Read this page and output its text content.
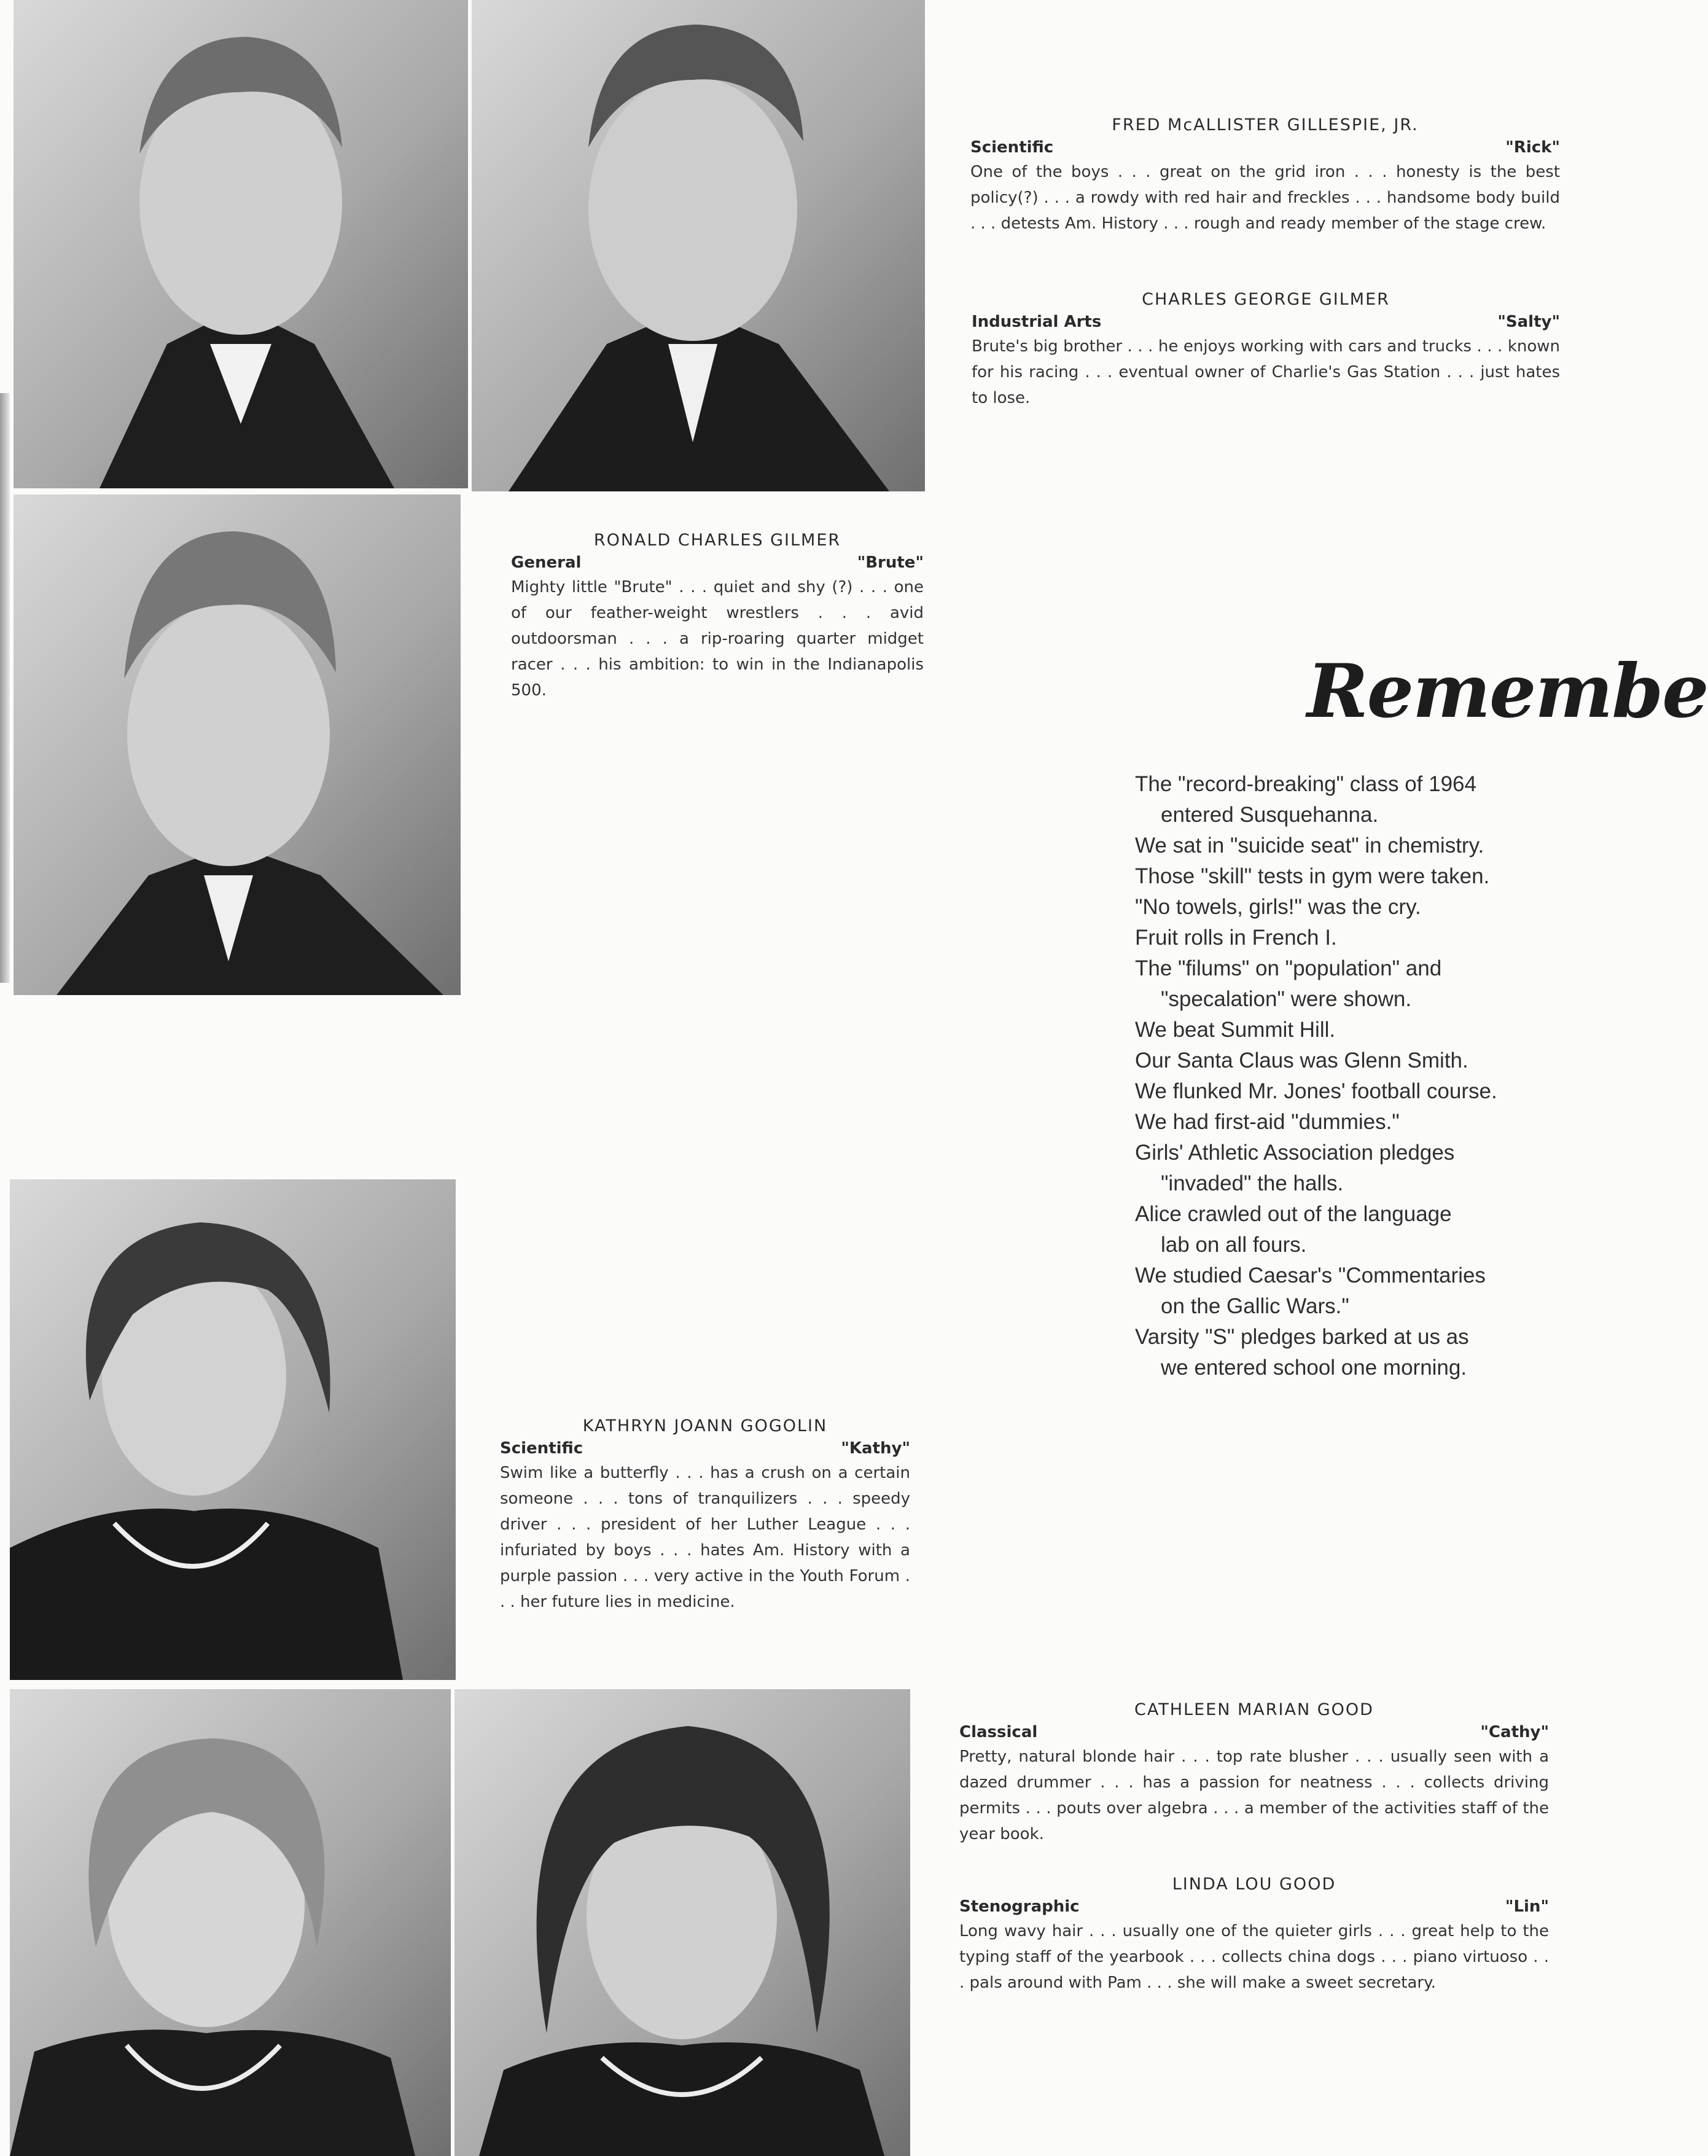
FRED McALLISTER GILLESPIE, JR.
Scientific	"Rick"
One of the boys . . . great on the grid iron . . . honesty is the best policy(?) . . . a rowdy with red hair and freckles . . . handsome body build . . . detests Am. History . . . rough and ready member of the stage crew.
CHARLES GEORGE GILMER
Industrial Arts	"Salty"
Brute's big brother . . . he enjoys working with cars and trucks . . . known for his racing . . . eventual owner of Charlie's Gas Station . . . just hates to lose.
RONALD CHARLES GILMER
General	"Brute"
Mighty little "Brute" . . . quiet and shy (?) . . . one of our feather-weight wrestlers . . . avid outdoorsman . . . a rip-roaring quarter midget racer . . . his ambition: to win in the Indianapolis 500.
KATHRYN JOANN GOGOLIN
Scientific	"Kathy"
Swim like a butterfly . . . has a crush on a certain someone . . . tons of tranquilizers . . . speedy driver . . . president of her Luther League . . . infuriated by boys . . . hates Am. History with a purple passion . . . very active in the Youth Forum . . . her future lies in medicine.
CATHLEEN MARIAN GOOD
Classical	"Cathy"
Pretty, natural blonde hair . . . top rate blusher . . . usually seen with a dazed drummer . . . has a passion for neatness . . . collects driving permits . . . pouts over algebra . . . a member of the activities staff of the year book.
LINDA LOU GOOD
Stenographic	"Lin"
Long wavy hair . . . usually one of the quieter girls . . . great help to the typing staff of the yearbook . . . collects china dogs . . . piano virtuoso . . . pals around with Pam . . . she will make a sweet secretary.
Remembe
The "record-breaking" class of 1964
entered Susquehanna.
We sat in "suicide seat" in chemistry.
Those "skill" tests in gym were taken.
"No towels, girls!" was the cry.
Fruit rolls in French I.
The "filums" on "population" and
"specalation" were shown.
We beat Summit Hill.
Our Santa Claus was Glenn Smith.
We flunked Mr. Jones' football course.
We had first-aid "dummies."
Girls' Athletic Association pledges
"invaded" the halls.
Alice crawled out of the language
lab on all fours.
We studied Caesar's "Commentaries
on the Gallic Wars."
Varsity "S" pledges barked at us as
we entered school one morning.
